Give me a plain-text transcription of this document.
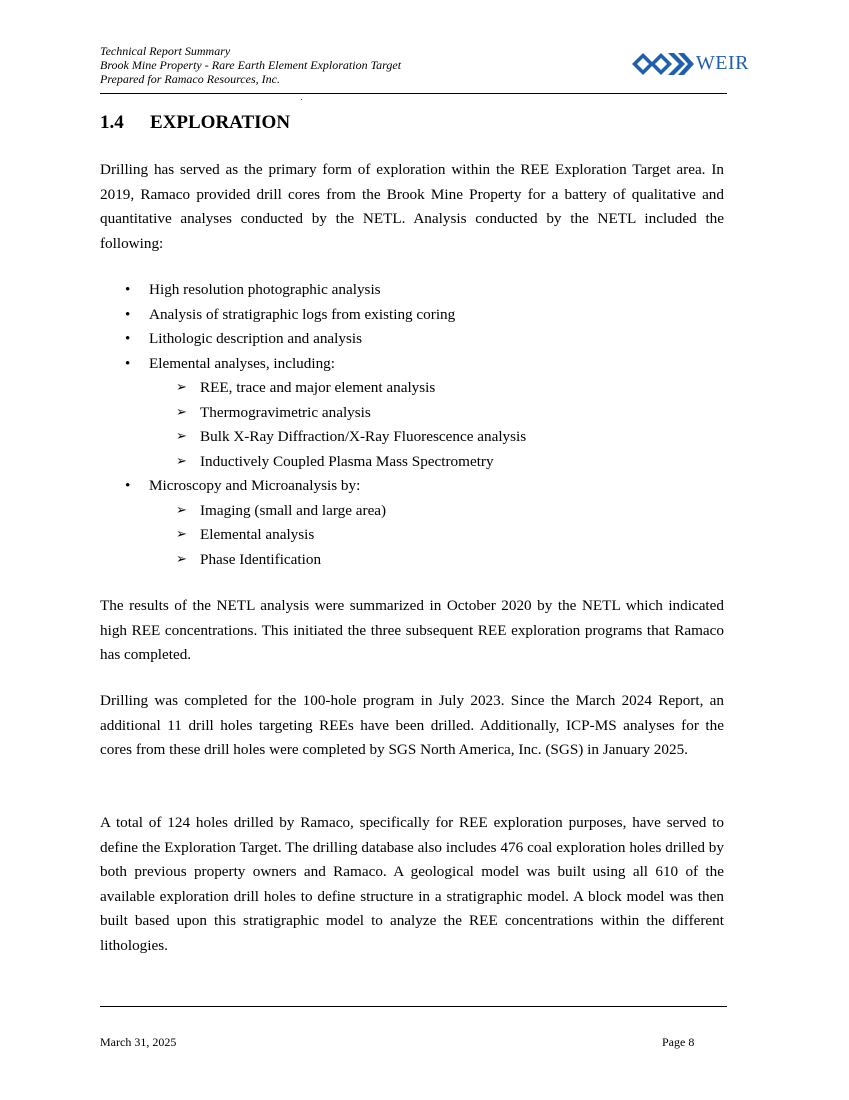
Technical Report Summary
Brook Mine Property - Rare Earth Element Exploration Target
Prepared for Ramaco Resources, Inc.
WEIR
1.4 EXPLORATION

Drilling has served as the primary form of exploration within the REE Exploration Target area. In 2019, Ramaco provided drill cores from the Brook Mine Property for a battery of qualitative and quantitative analyses conducted by the NETL. Analysis conducted by the NETL included the following:

• High resolution photographic analysis
• Analysis of stratigraphic logs from existing coring
• Lithologic description and analysis
• Elemental analyses, including:
➢ REE, trace and major element analysis
➢ Thermogravimetric analysis
➢ Bulk X-Ray Diffraction/X-Ray Fluorescence analysis
➢ Inductively Coupled Plasma Mass Spectrometry
• Microscopy and Microanalysis by:
➢ Imaging (small and large area)
➢ Elemental analysis
➢ Phase Identification

The results of the NETL analysis were summarized in October 2020 by the NETL which indicated high REE concentrations. This initiated the three subsequent REE exploration programs that Ramaco has completed.

Drilling was completed for the 100-hole program in July 2023. Since the March 2024 Report, an additional 11 drill holes targeting REEs have been drilled. Additionally, ICP-MS analyses for the cores from these drill holes were completed by SGS North America, Inc. (SGS) in January 2025.

A total of 124 holes drilled by Ramaco, specifically for REE exploration purposes, have served to define the Exploration Target. The drilling database also includes 476 coal exploration holes drilled by both previous property owners and Ramaco. A geological model was built using all 610 of the available exploration drill holes to define structure in a stratigraphic model. A block model was then built based upon this stratigraphic model to analyze the REE concentrations within the different lithologies.

March 31, 2025	Page 8
